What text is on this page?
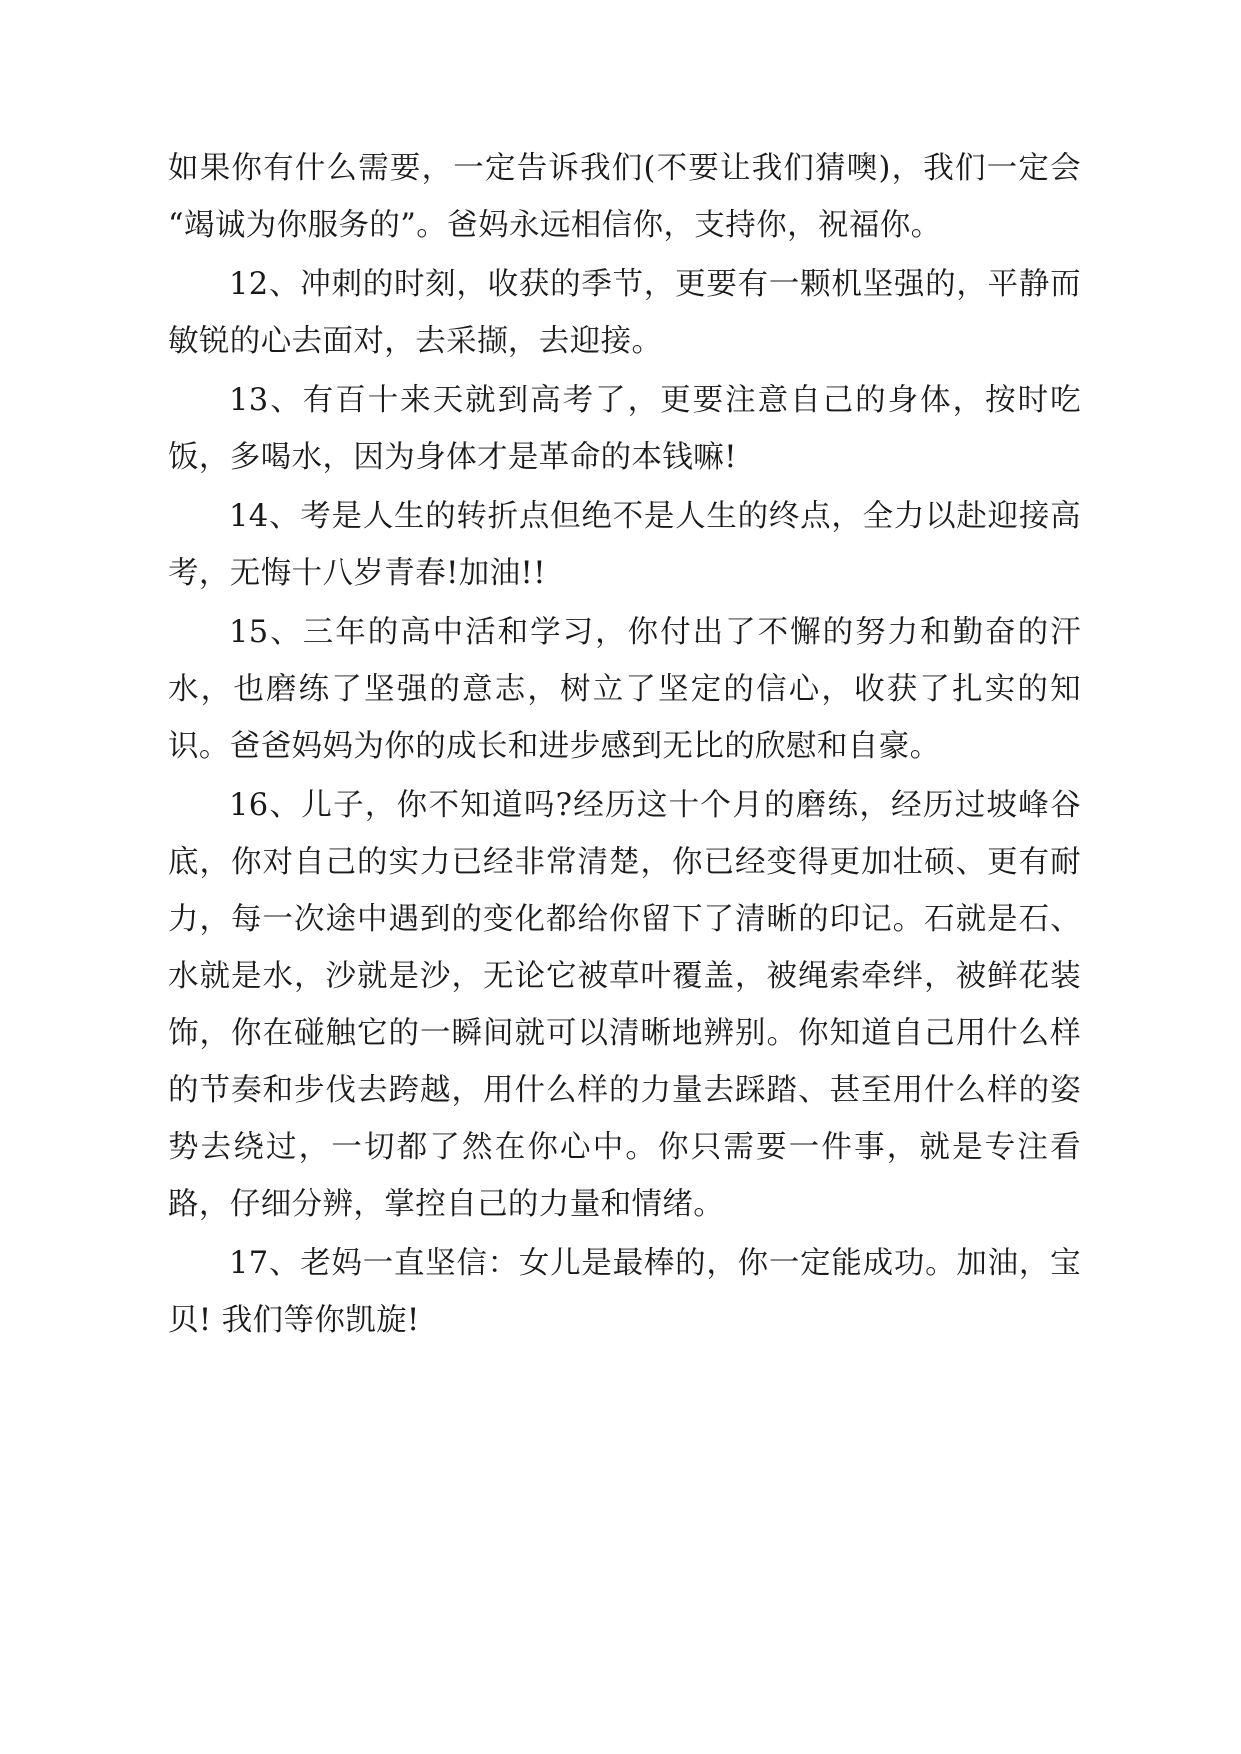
如果你有什么需要，一定告诉我们(不要让我们猜噢)，我们一定会“竭诚为你服务的”。爸妈永远相信你，支持你，祝福你。

12、冲刺的时刻，收获的季节，更要有一颗机坚强的，平静而敏锐的心去面对，去采撷，去迎接。

13、有百十来天就到高考了，更要注意自己的身体，按时吃饭，多喝水，因为身体才是革命的本钱嘛!

14、考是人生的转折点但绝不是人生的终点，全力以赴迎接高考，无悔十八岁青春!加油!!

15、三年的高中活和学习，你付出了不懈的努力和勤奋的汗水，也磨练了坚强的意志，树立了坚定的信心，收获了扎实的知识。爸爸妈妈为你的成长和进步感到无比的欣慰和自豪。

16、儿子，你不知道吗?经历这十个月的磨练，经历过坡峰谷底，你对自己的实力已经非常清楚，你已经变得更加壮硕、更有耐力，每一次途中遇到的变化都给你留下了清晰的印记。石就是石、水就是水，沙就是沙，无论它被草叶覆盖，被绳索牵绊，被鲜花装饰，你在碰触它的一瞬间就可以清晰地辨别。你知道自己用什么样的节奏和步伐去跨越，用什么样的力量去踩踏、甚至用什么样的姿势去绕过，一切都了然在你心中。你只需要一件事，就是专注看路，仔细分辨，掌控自己的力量和情绪。

17、老妈一直坚信：女儿是最棒的，你一定能成功。加油，宝贝! 我们等你凯旋!
